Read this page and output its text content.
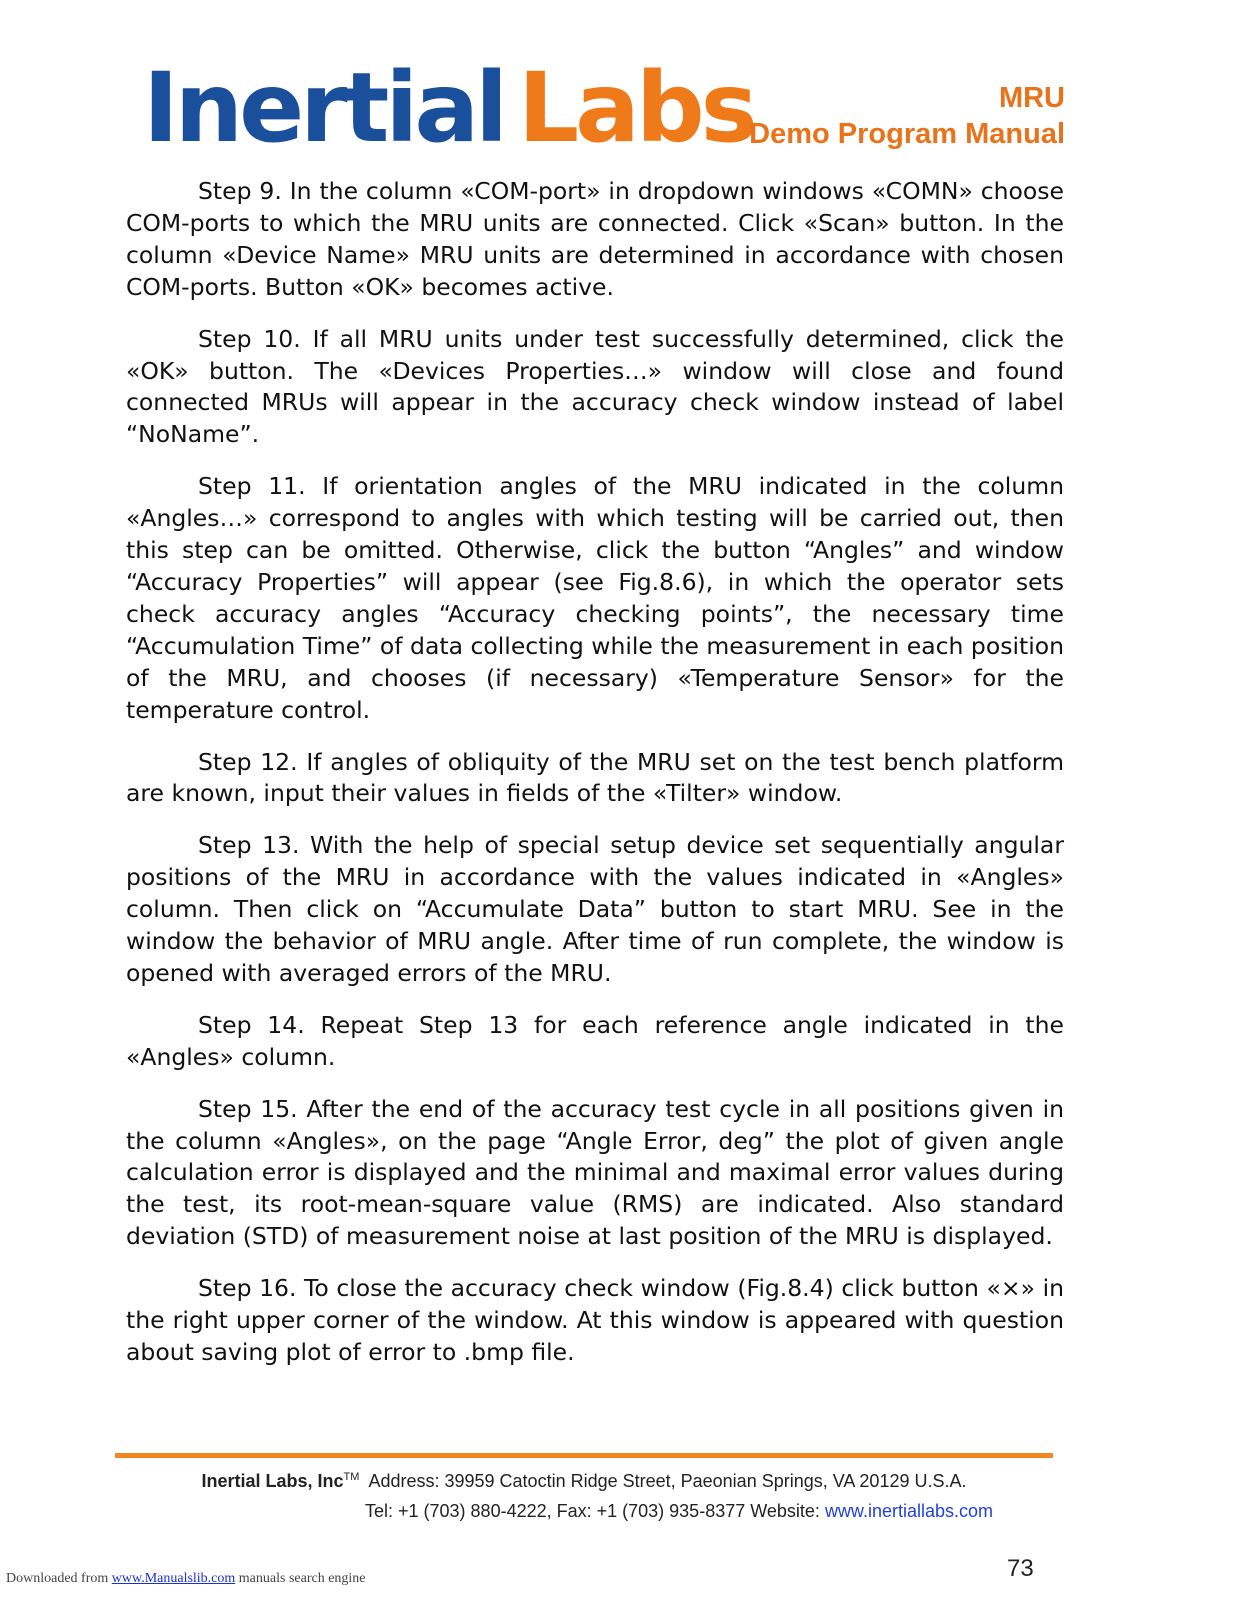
Inertial Labs	MRU
Demo Program Manual

Step 9. In the column «COM-port» in dropdown windows «COMN» choose COM-ports to which the MRU units are connected. Click «Scan» button. In the column «Device Name» MRU units are determined in accordance with chosen COM-ports. Button «OK» becomes active.

Step 10. If all MRU units under test successfully determined, click the «OK» button. The «Devices Properties…» window will close and found connected MRUs will appear in the accuracy check window instead of label “NoName”.

Step 11. If orientation angles of the MRU indicated in the column «Angles…» correspond to angles with which testing will be carried out, then this step can be omitted. Otherwise, click the button “Angles” and window “Accuracy Properties” will appear (see Fig.8.6), in which the operator sets check accuracy angles “Accuracy checking points”, the necessary time “Accumulation Time” of data collecting while the measurement in each position of the MRU, and chooses (if necessary) «Temperature Sensor» for the temperature control.

Step 12. If angles of obliquity of the MRU set on the test bench platform are known, input their values in fields of the «Tilter» window.

Step 13. With the help of special setup device set sequentially angular positions of the MRU in accordance with the values indicated in «Angles» column. Then click on “Accumulate Data” button to start MRU. See in the window the behavior of MRU angle. After time of run complete, the window is opened with averaged errors of the MRU.

Step 14. Repeat Step 13 for each reference angle indicated in the «Angles» column.

Step 15. After the end of the accuracy test cycle in all positions given in the column «Angles», on the page “Angle Error, deg” the plot of given angle calculation error is displayed and the minimal and maximal error values during the test, its root-mean-square value (RMS) are indicated. Also standard deviation (STD) of measurement noise at last position of the MRU is displayed.

Step 16. To close the accuracy check window (Fig.8.4) click button «×» in the right upper corner of the window. At this window is appeared with question about saving plot of error to .bmp file.

Inertial Labs, Inc™ Address: 39959 Catoctin Ridge Street, Paeonian Springs, VA 20129 U.S.A.
Tel: +1 (703) 880-4222, Fax: +1 (703) 935-8377 Website: www.inertiallabs.com
73
Downloaded from www.Manualslib.com manuals search engine
